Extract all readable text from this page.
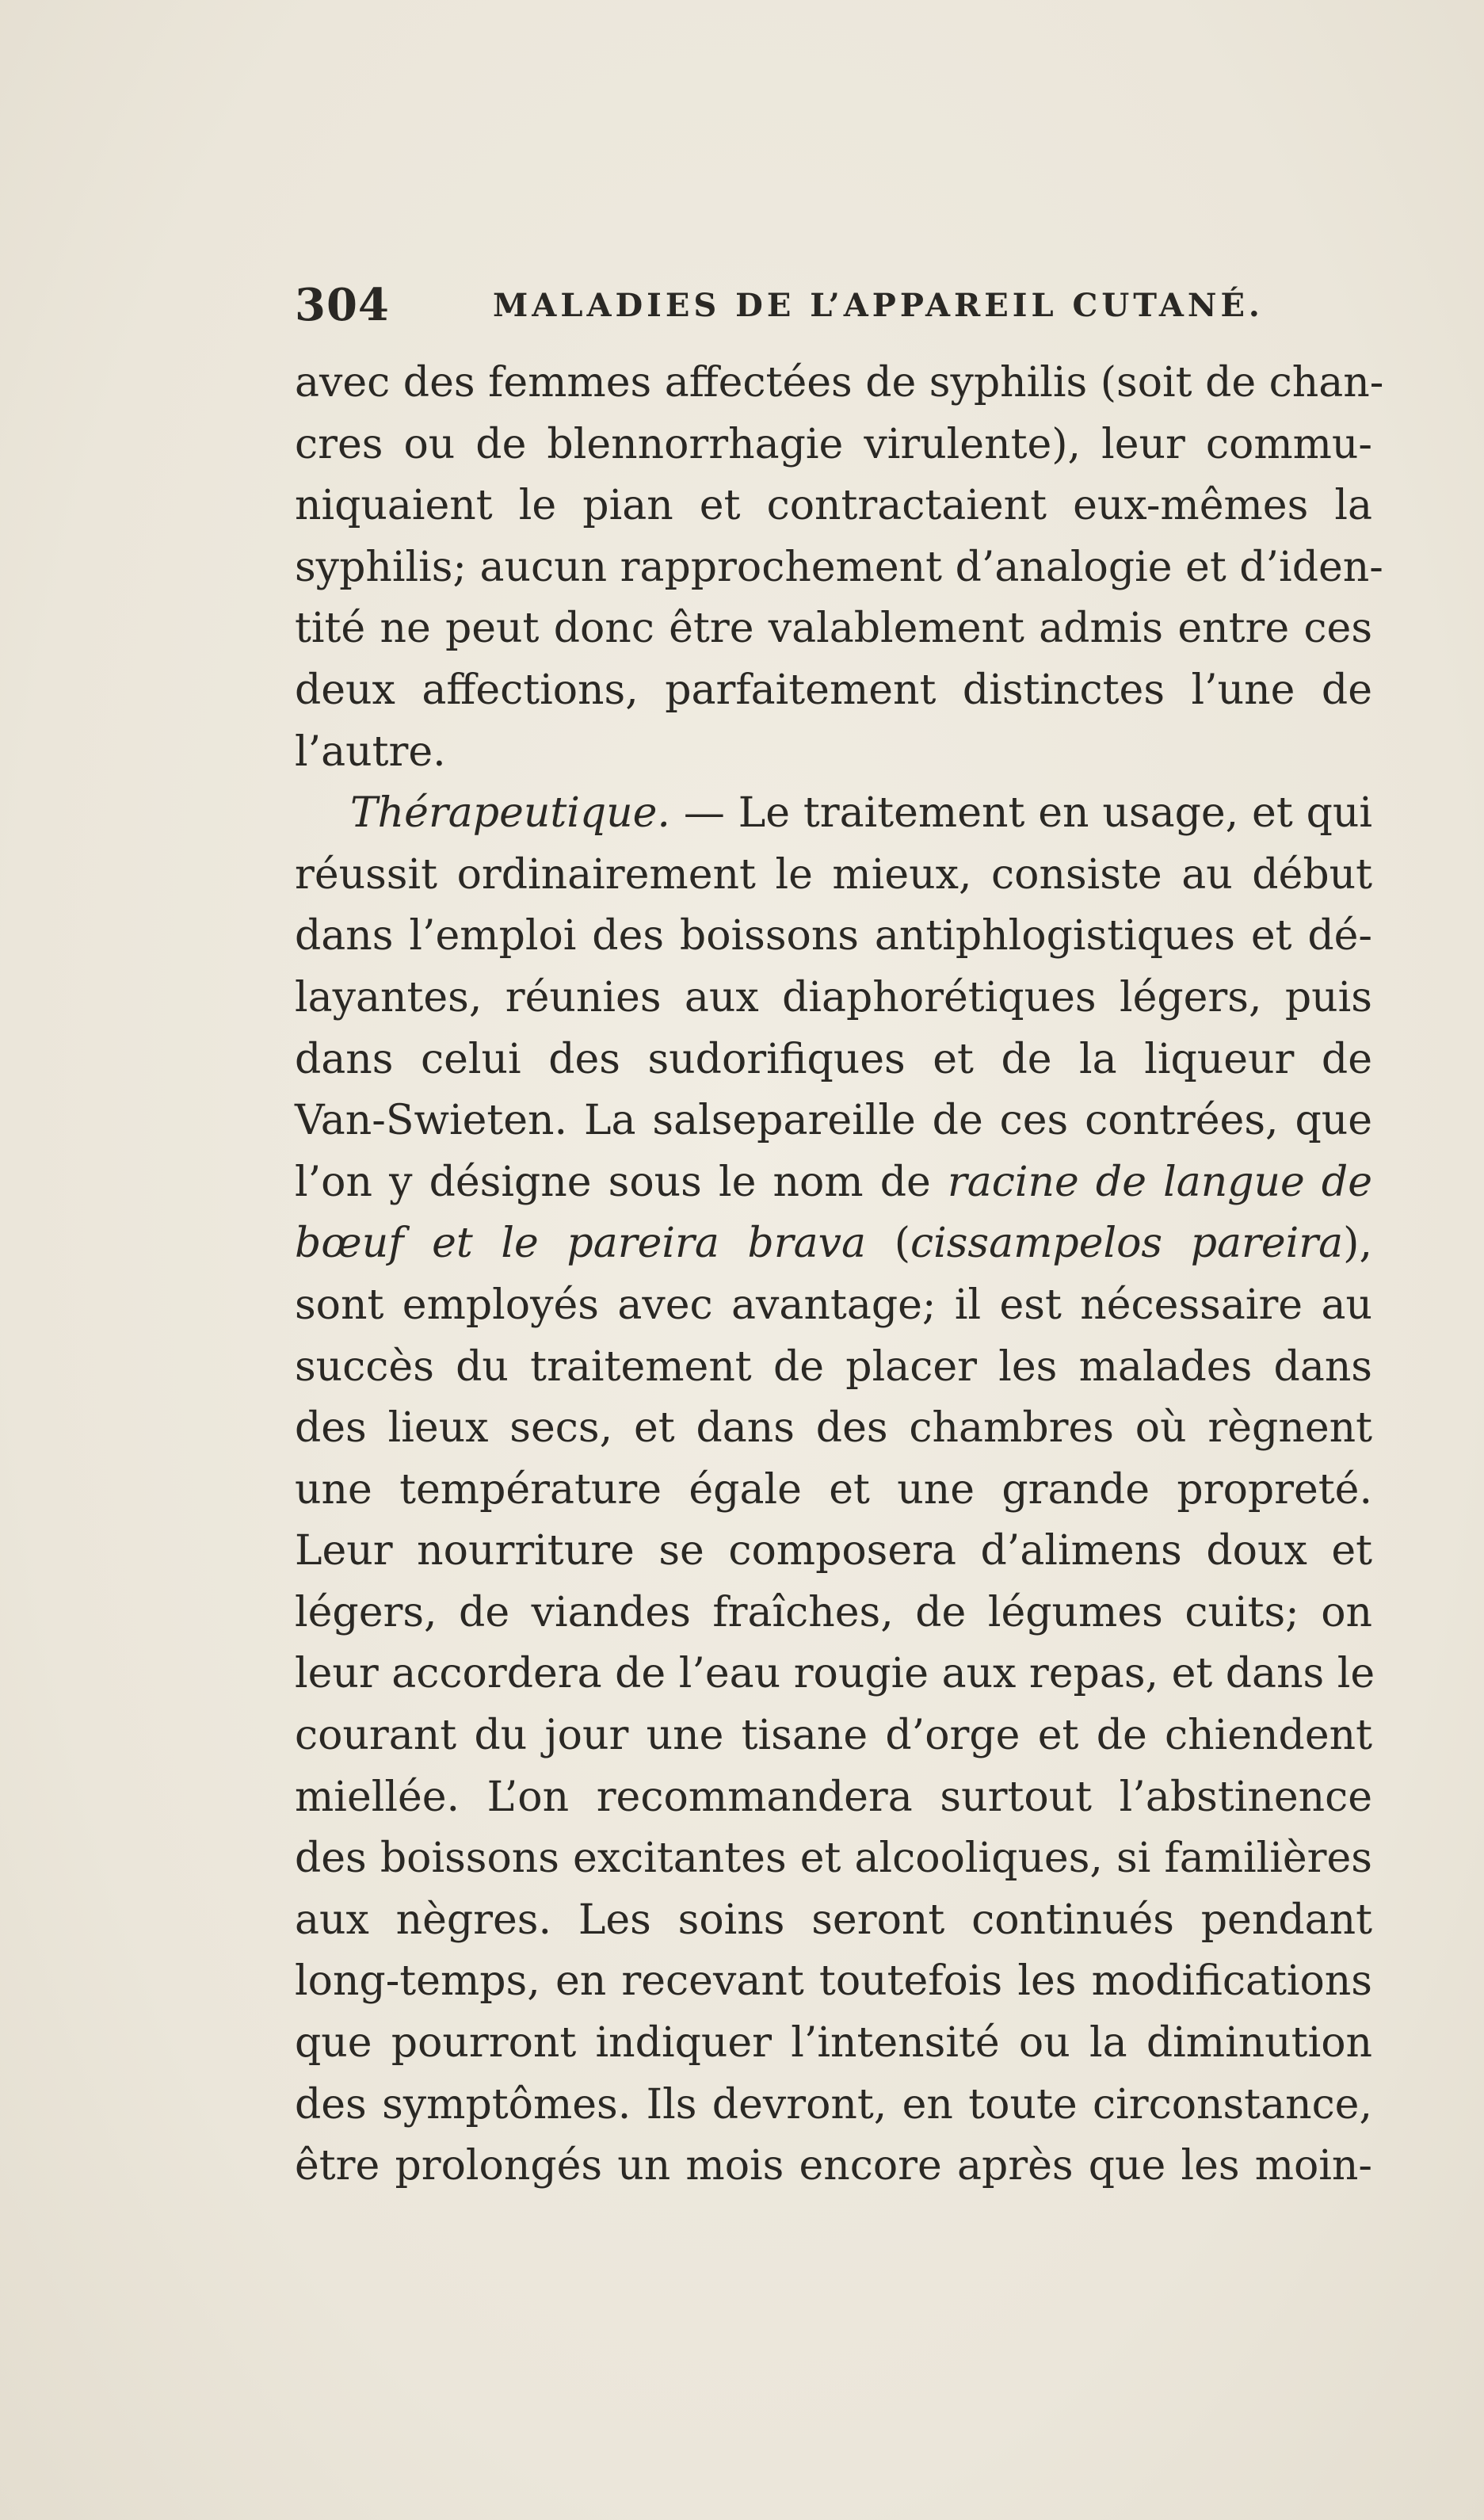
304	MALADIES DE L’APPAREIL CUTANÉ.
avec des femmes affectées de syphilis (soit de chan-
cres ou de blennorrhagie virulente), leur commu-
niquaient le pian et contractaient eux-mêmes la
syphilis; aucun rapprochement d’analogie et d’iden-
tité ne peut donc être valablement admis entre ces
deux affections, parfaitement distinctes l’une de
l’autre.
Thérapeutique. — Le traitement en usage, et qui
réussit ordinairement le mieux, consiste au début
dans l’emploi des boissons antiphlogistiques et dé-
layantes, réunies aux diaphorétiques légers, puis
dans celui des sudorifiques et de la liqueur de
Van-Swieten. La salsepareille de ces contrées, que
l’on y désigne sous le nom de racine de langue de
bœuf et le pareira brava (cissampelos pareira),
sont employés avec avantage; il est nécessaire au
succès du traitement de placer les malades dans
des lieux secs, et dans des chambres où règnent
une température égale et une grande propreté.
Leur nourriture se composera d’alimens doux et
légers, de viandes fraîches, de légumes cuits; on
leur accordera de l’eau rougie aux repas, et dans le
courant du jour une tisane d’orge et de chiendent
miellée. L’on recommandera surtout l’abstinence
des boissons excitantes et alcooliques, si familières
aux nègres. Les soins seront continués pendant
long-temps, en recevant toutefois les modifications
que pourront indiquer l’intensité ou la diminution
des symptômes. Ils devront, en toute circonstance,
être prolongés un mois encore après que les moin-
